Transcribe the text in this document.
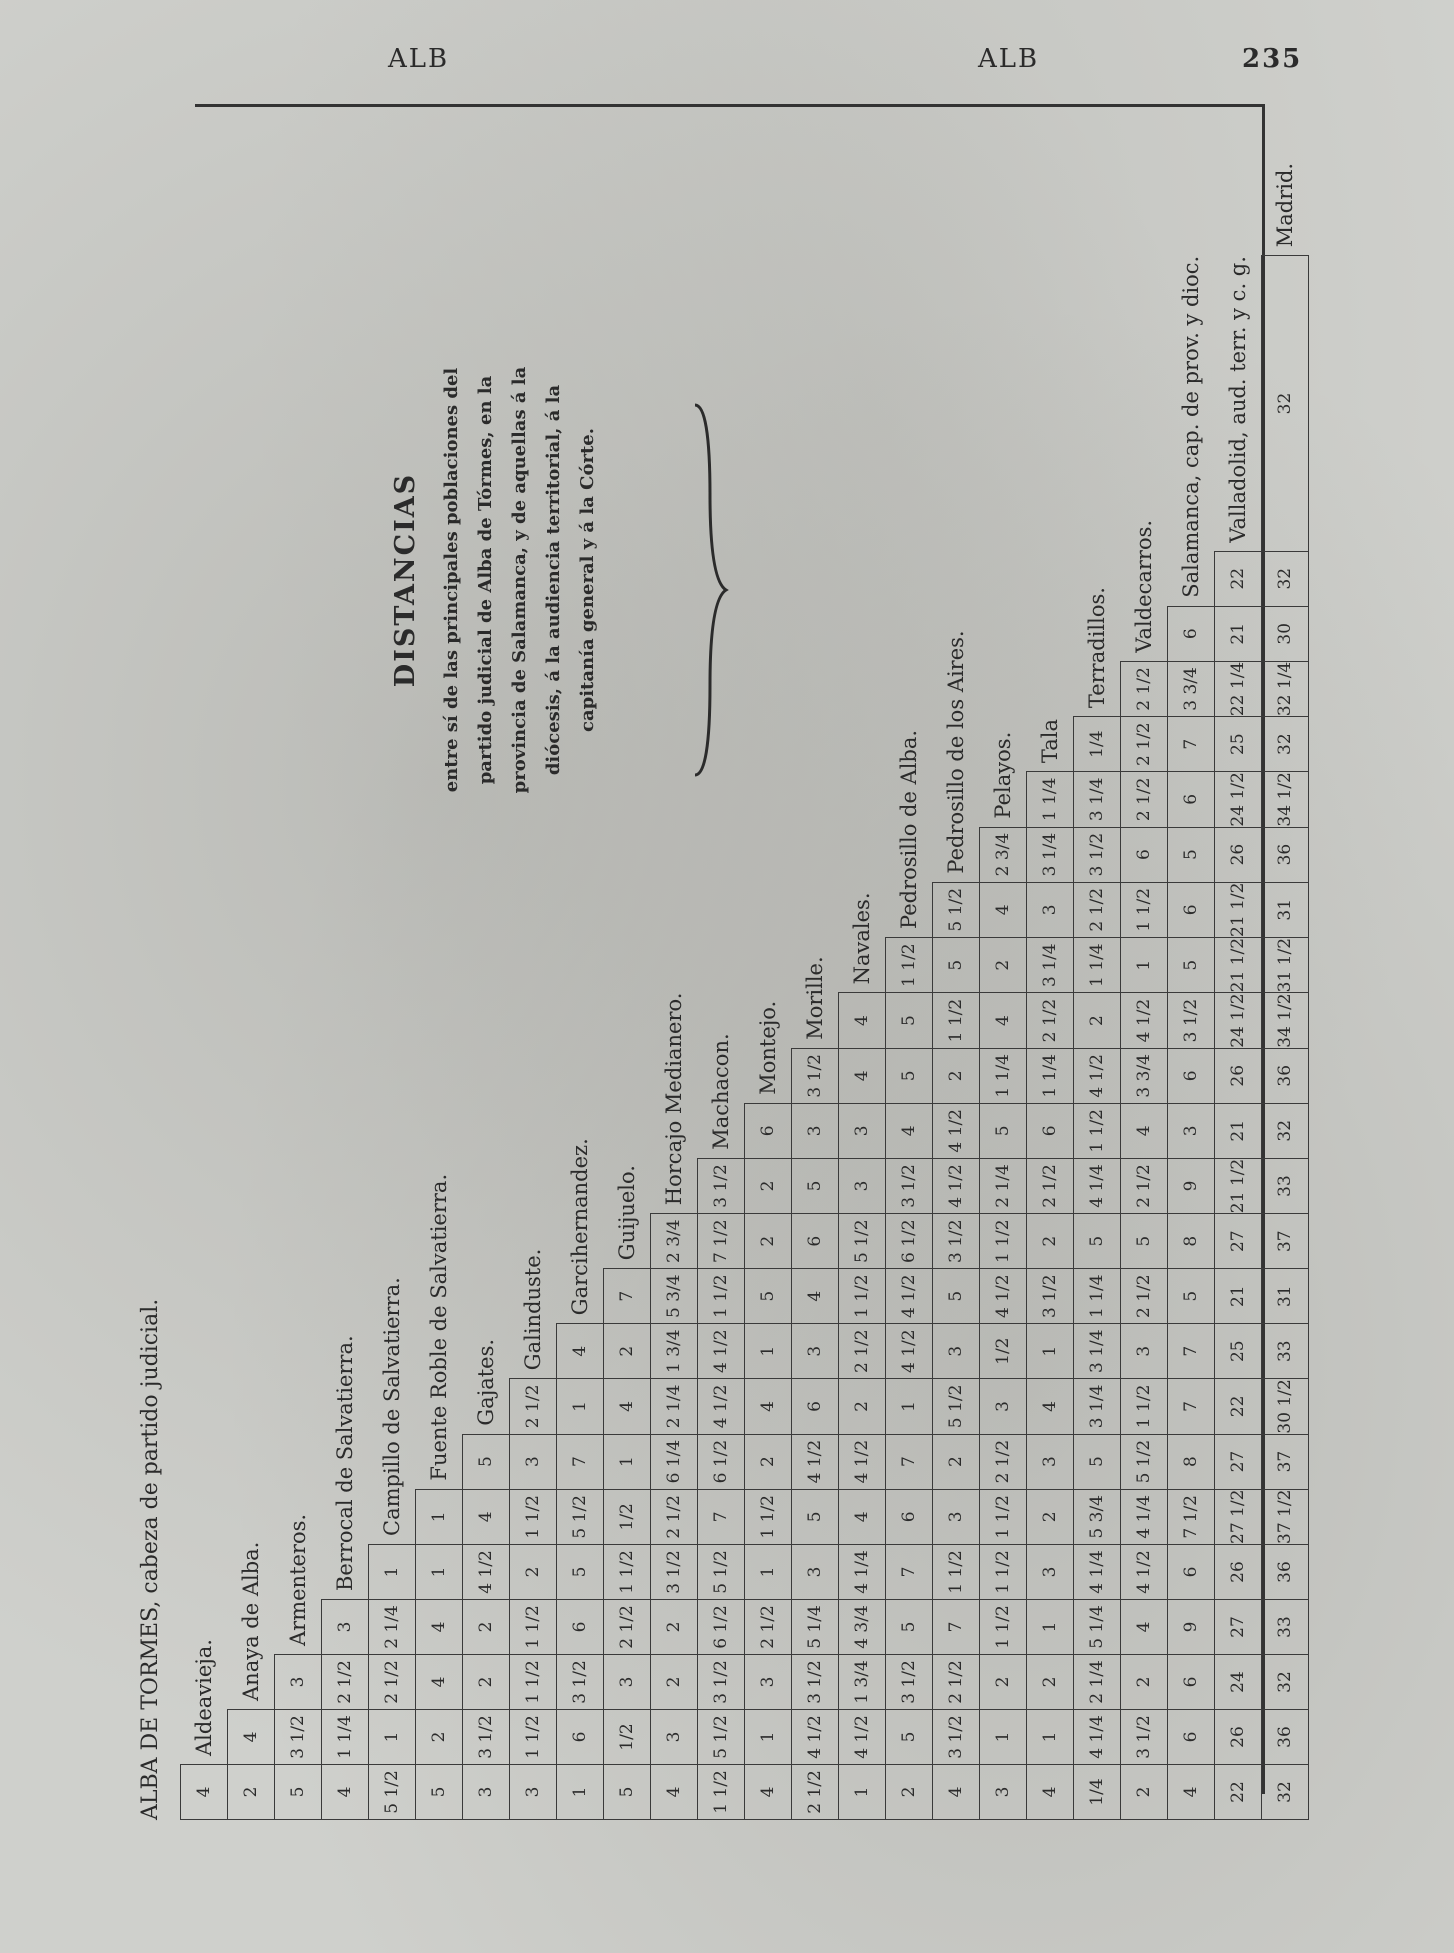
ALB	ALB	235
ALBA DE TORMES, cabeza de partido judicial. 4	Aldeavieja.																							
2	4	Anaya de Alba.																						
5	3 1/2	3	Armenteros.																					
4	1 1/4	2 1/2	3	Berrocal de Salvatierra.																				
5 1/2	1	2 1/2	2 1/4	1	Campillo de Salvatierra.																			
5	2	4	4	1	1	Fuente Roble de Salvatierra.																		
3	3 1/2	2	2	4 1/2	4	5	Gajates.																	
3	1 1/2	1 1/2	1 1/2	2	1 1/2	3	2 1/2	Galinduste.																
1	6	3 1/2	6	5	5 1/2	7	1	4	Garcihernandez.															
5	1/2	3	2 1/2	1 1/2	1/2	1	4	2	7	Guijuelo.														
4	3	2	2	3 1/2	2 1/2	6 1/4	2 1/4	1 3/4	5 3/4	2 3/4	Horcajo Medianero.													
1 1/2	5 1/2	3 1/2	6 1/2	5 1/2	7	6 1/2	4 1/2	4 1/2	1 1/2	7 1/2	3 1/2	Machacon.												
4	1	3	2 1/2	1	1 1/2	2	4	1	5	2	2	6	Montejo.											
2 1/2	4 1/2	3 1/2	5 1/4	3	5	4 1/2	6	3	4	6	5	3	3 1/2	Morille.										
1	4 1/2	1 3/4	4 3/4	4 1/4	4	4 1/2	2	2 1/2	1 1/2	5 1/2	3	3	4	4	Navales.									
2	5	3 1/2	5	7	6	7	1	4 1/2	4 1/2	6 1/2	3 1/2	4	5	5	1 1/2	Pedrosillo de Alba.								
4	3 1/2	2 1/2	7	1 1/2	3	2	5 1/2	3	5	3 1/2	4 1/2	4 1/2	2	1 1/2	5	5 1/2	Pedrosillo de los Aires.							
3	1	2	1 1/2	1 1/2	1 1/2	2 1/2	3	1/2	4 1/2	1 1/2	2 1/4	5	1 1/4	4	2	4	2 3/4	Pelayos.						
4	1	2	1	3	2	3	4	1	3 1/2	2	2 1/2	6	1 1/4	2 1/2	3 1/4	3	3 1/4	1 1/4	Tala					
1/4	4 1/4	2 1/4	5 1/4	4 1/4	5 3/4	5	3 1/4	3 1/4	1 1/4	5	4 1/4	1 1/2	4 1/2	2	1 1/4	2 1/2	3 1/2	3 1/4	1/4	Terradillos.				
2	3 1/2	2	4	4 1/2	4 1/4	5 1/2	1 1/2	3	2 1/2	5	2 1/2	4	3 3/4	4 1/2	1	1 1/2	6	2 1/2	2 1/2	2 1/2	Valdecarros.			
4	6	6	9	6	7 1/2	8	7	7	5	8	9	3	6	3 1/2	5	6	5	6	7	3 3/4	6	Salamanca, cap. de prov. y dioc.		
22	26	24	27	26	27 1/2	27	22	25	21	27	21 1/2	21	26	24 1/2	21 1/2	21 1/2	26	24 1/2	25	22 1/4	21	22	Valladolid, aud. terr. y c. g.	
32	36	32	33	36	37 1/2	37	30 1/2	33	31	37	33	32	36	34 1/2	31 1/2	31	36	34 1/2	32	32 1/4	30	32	32	Madrid.
DISTANCIAS	entre sí de las principales poblaciones del partido judicial de Alba de Tórmes, en la provincia de Salamanca, y de aquellas á la diócesis, á la audiencia territorial, á la capitanía general y á la Córte.
